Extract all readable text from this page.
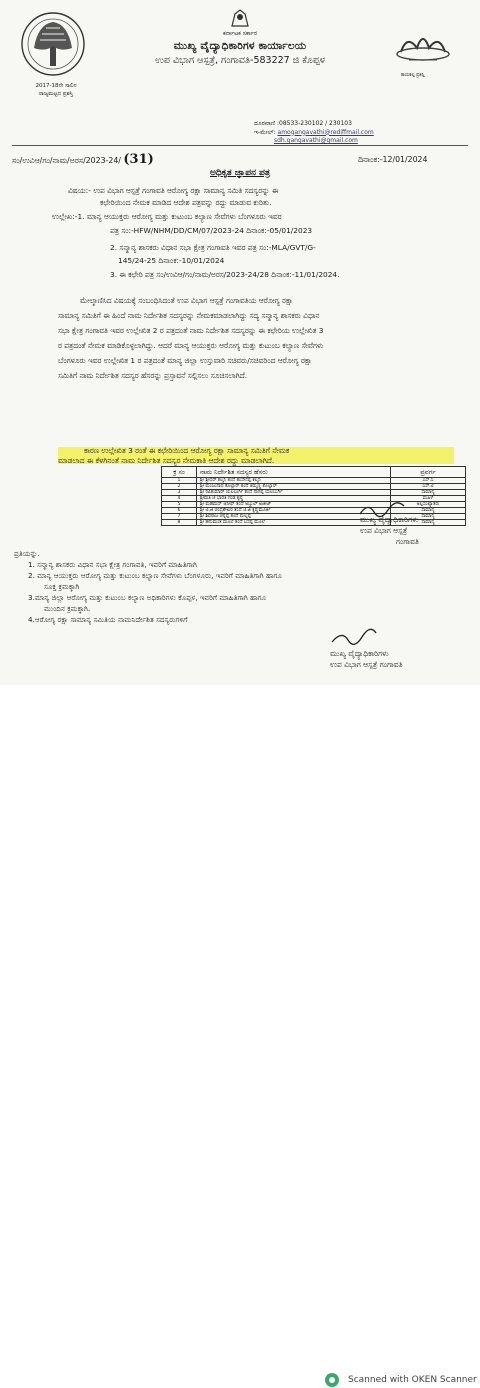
2017-18ನೇ ಸಾಲಿನ
ರಾಜ್ಯಮಟ್ಟದ ಪ್ರಶಸ್ತಿ
ಕರ್ನಾಟಕ ಸರ್ಕಾರ
ಮುಖ್ಯ ವೈದ್ಯಾಧಿಕಾರಿಗಳ ಕಾರ್ಯಾಲಯ
ಉಪ ವಿಭಾಗ ಆಸ್ಪತ್ರೆ, ಗಂಗಾವತಿ-583227 ಜಿ ಕೊಪ್ಪಳ
ಕಾಯಕಲ್ಪ ಪ್ರಶಸ್ತಿ
ದೂರವಾಣಿ :08533-230102 / 230103
ಇ-ಮೇಲ್: amogangavathi@rediffmail.com
sdh.gangavathi@gmail.com
ಸಂ/ಉವಿಆ/ಗಂ/ನಾಮ/ಅರಸ/2023-24/ (31)	ದಿನಾಂಕ:-12/01/2024
ಅಧಿಕೃತ ಜ್ಞಾಪನ ಪತ್ರ
ವಿಷಯ:- ಉಪ ವಿಭಾಗ ಆಸ್ಪತ್ರೆ ಗಂಗಾವತಿ ಆರೋಗ್ಯ ರಕ್ಷಾ ಸಾಮಾನ್ಯ ಸಮಿತಿ ಸದಸ್ಯರನ್ನು ಈ
ಕಛೇರಿಯಿಂದ ನೇಮಕ ಮಾಡಿದ ಆದೇಶ ಪತ್ರವನ್ನು ರದ್ದು ಮಾಡುವ ಕುರಿತು.
ಉಲ್ಲೇಖ:-1. ಮಾನ್ಯ ಆಯುಕ್ತರು ಆರೋಗ್ಯ ಮತ್ತು ಕುಟುಂಬ ಕಲ್ಯಾಣ ಸೇವೆಗಳು ಬೆಂಗಳೂರು ಇವರ
ಪತ್ರ ಸಂ:-HFW/NHM/DD/CM/07/2023-24 ದಿನಾಂಕ:-05/01/2023
2. ಸನ್ಮಾನ್ಯ ಶಾಸಕರು ವಿಧಾನ ಸಭಾ ಕ್ಷೇತ್ರ ಗಂಗಾವತಿ ಇವರ ಪತ್ರ ಸಂ:-MLA/GVT/G-
145/24-25 ದಿನಾಂಕ:-10/01/2024
3. ಈ ಕಛೇರಿ ಪತ್ರ ಸಂ/ಉವಿಆ/ಗಂ/ನಾಮ/ಅರಸ/2023-24/28 ದಿನಾಂಕ:-11/01/2024.
ಮೇಲ್ಕಾಣಿಸಿದ ವಿಷಯಕ್ಕೆ ಸಂಬಂಧಿಸಿದಂತೆ ಉಪ ವಿಭಾಗ ಆಸ್ಪತ್ರೆ ಗಂಗಾವತಿಯ ಆರೋಗ್ಯ ರಕ್ಷಾ
ಸಾಮಾನ್ಯ ಸಮಿತಿಗೆ ಈ ಹಿಂದೆ ನಾಮ ನಿರ್ದೇಶಿತ ಸದಸ್ಯರನ್ನು ನೇಮಕಮಾಡಲಾಗಿದ್ದು ಸದ್ಯ ಸನ್ಮಾನ್ಯ ಶಾಸಕರು ವಿಧಾನ
ಸಭಾ ಕ್ಷೇತ್ರ ಗಂಗಾವತಿ ಇವರ ಉಲ್ಲೇಖಿತ 2 ರ ಪತ್ರದಂತೆ ನಾಮ ನಿರ್ದೇಶಿತ ಸದಸ್ಯರನ್ನು ಈ ಕಛೇರಿಯ ಉಲ್ಲೇಖಿತ 3
ರ ಪತ್ರದಂತೆ ನೇಮಕ ಮಾಡಿಕೊಳ್ಳಲಾಗಿದ್ದು. ಆದರೆ ಮಾನ್ಯ ಆಯುಕ್ತರು ಆರೋಗ್ಯ ಮತ್ತು ಕುಟುಂಬ ಕಲ್ಯಾಣ ಸೇವೆಗಳು
ಬೆಂಗಳೂರು ಇವರ ಉಲ್ಲೇಖಿತ 1 ರ ಪತ್ರದಂತೆ ಮಾನ್ಯ ಜಿಲ್ಲಾ ಉಸ್ತುವಾರಿ ಸಚಿವರು/ಸಚಿವರಿಂದ ಆರೋಗ್ಯ ರಕ್ಷಾ
ಸಮಿತಿಗೆ ನಾಮ ನಿರ್ದೇಶಿತ ಸದಸ್ಯರ ಹೆಸರನ್ನು ಪ್ರಸ್ತಾವನೆ ಸಲ್ಲಿಸಲು ಸೂಚಿಸಲಾಗಿದೆ.
ಕಾರಣ ಉಲ್ಲೇಖಿತ 3 ರಂತೆ ಈ ಕಛೇರಿಯಿಂದ ಆರೋಗ್ಯ ರಕ್ಷಾ ಸಾಮಾನ್ಯ ಸಮಿತಿಗೆ ನೇಮಕ
ಮಾಡಲಾದ ಈ ಕೆಳಗಿನಂತೆ ನಾಮ ನಿರ್ದೇಶಿತ ಸದಸ್ಯರ ನೇಮಕಾತಿ ಆದೇಶ ರದ್ದು ಮಾಡಲಾಗಿದೆ.
ಕ್ರ ಸಂ	ನಾಮ ನಿರ್ದೇಶಿತ ಸದಸ್ಯರ ಹೆಸರು	ಪ್ರವರ್ಗ
1	ಶ್ರೀ ಶ್ರೀಧರ್ ಕಲ್ಮನಿ ತಂದೆ ಹುಸೇನಪ್ಪ ಕಲ್ಮನಿ	ಎಸ್.ಸಿ
2	ಶ್ರೀ ಮಂಜುನಾಥ ಕೊಲ್ಲಾರ್ ತಂದೆ ತಿಮ್ಮಣ್ಣ ಕೊಲ್ಲಾರ್	ಎಸ್.ಟಿ
3	ಶ್ರೀ ರವಿಕುಮಾರ್ ಯಲಬುರ್ಗಿ ತಂದೆ ನಾಗಪ್ಪ ಯಲಬುರ್ಗಿ	ಸಾಮಾನ್ಯ
4	ಶ್ರೀಮತಿ ಚ ಭಾರತಿ ಗಂಡ ಕೃಷ್ಣ	ಮಹಿಳೆ
5	ಶ್ರೀ ಮಹಮದ್ ಆಸೀಫ್ ತಂದೆ ಅಬ್ದುಲ್ ಅಜೀಜ್	ಅಲ್ಪಸಂಖ್ಯಾತರು
6	ಶ್ರೀ ಟಿ.ಜಿ ಚಂದ್ರಶೇಖರ ತಂದೆ ಟಿ.ಜಿ ಕೃಷ್ಣಮೂರ್ತಿ	ಸಾಮಾನ್ಯ
7	ಶ್ರೀ ಶಿವರಾಜ ಚನ್ನಪ್ಪ ತಂದೆ ಮಲ್ಲಪ್ಪ	ಸಾಮಾನ್ಯ
8	ಶ್ರೀ ಹನುಮಂತ ಮೂಲೆ ತಂದೆ ಬಸಪ್ಪ ಮೂಲೆ	ಸಾಮಾನ್ಯ
ಮುಖ್ಯ ವೈದ್ಯಾಧಿಕಾರಿಗಳು
ಉಪ ವಿಭಾಗ ಆಸ್ಪತ್ರೆ
ಗಂಗಾವತಿ
ಪ್ರತಿಯನ್ನು.
1. ಸನ್ಮಾನ್ಯ ಶಾಸಕರು ವಿಧಾನ ಸಭಾ ಕ್ಷೇತ್ರ ಗಂಗಾವತಿ, ಇವರಿಗೆ ಮಾಹಿತಿಗಾಗಿ
2. ಮಾನ್ಯ ಆಯುಕ್ತರು ಆರೋಗ್ಯ ಮತ್ತು ಕುಟುಂಬ ಕಲ್ಯಾಣ ಸೇವೆಗಳು ಬೆಂಗಳೂರು, ಇವರಿಗೆ ಮಾಹಿತಿಗಾಗಿ ಹಾಗೂ
ಸೂಕ್ತ ಕ್ರಮಕ್ಕಾಗಿ
3.ಮಾನ್ಯ ಜಿಲ್ಲಾ ಆರೋಗ್ಯ ಮತ್ತು ಕುಟುಂಬ ಕಲ್ಯಾಣ ಅಧಿಕಾರಿಗಳು ಕೊಪ್ಪಳ, ಇವರಿಗೆ ಮಾಹಿತಿಗಾಗಿ ಹಾಗೂ
ಮುಂದಿನ ಕ್ರಮಕ್ಕಾಗಿ.
4.ಆರೋಗ್ಯ ರಕ್ಷಾ ಸಾಮಾನ್ಯ ಸಮಿತಿಯ ನಾಮನಿರ್ದೇಶಿತ ಸದಸ್ಯರುಗಳಿಗೆ
ಮುಖ್ಯ ವೈದ್ಯಾಧಿಕಾರಿಗಳು
ಉಪ ವಿಭಾಗ ಆಸ್ಪತ್ರೆ ಗಂಗಾವತಿ
Scanned with OKEN Scanner
